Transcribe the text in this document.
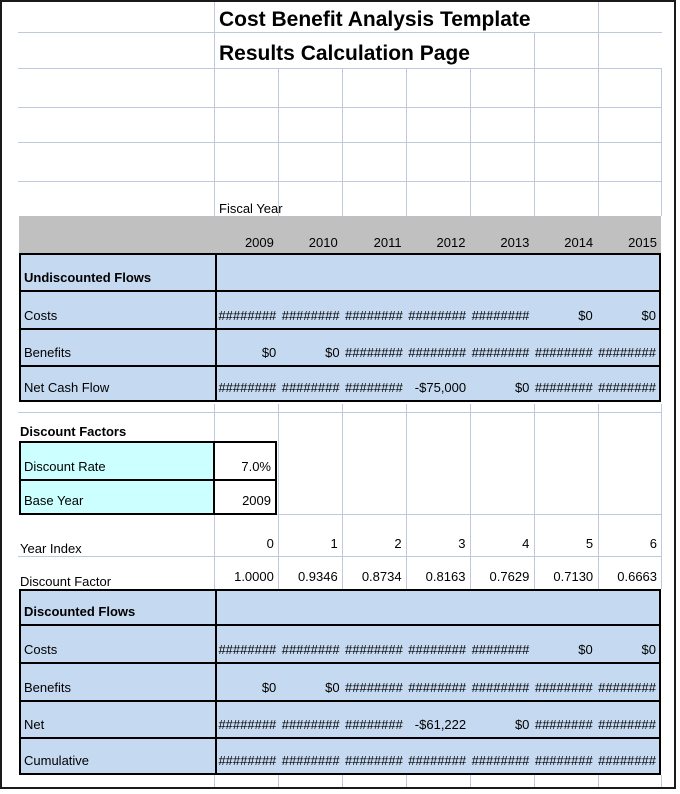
Cost Benefit Analysis Template
Results Calculation Page
Fiscal Year
2009	2010	2011	2012	2013	2014	2015
Undiscounted Flows
Costs	######## ######## ######## ######## ########	$0	$0
Benefits	$0	$0 ######## ######## ######## ######## ########
Net Cash Flow	######## ######## ######## -$75,000	$0 ######## ########
Discount Factors
Discount Rate	7.0%
Base Year	2009
Year Index	0	1	2	3	4	5	6
Discount Factor	1.0000	0.9346	0.8734	0.8163	0.7629	0.7130	0.6663
Discounted Flows
Costs	######## ######## ######## ######## ########	$0	$0
Benefits	$0	$0 ######## ######## ######## ######## ########
Net	######## ######## ######## -$61,222	$0 ######## ########
Cumulative	######## ######## ######## ######## ######## ######## ########
